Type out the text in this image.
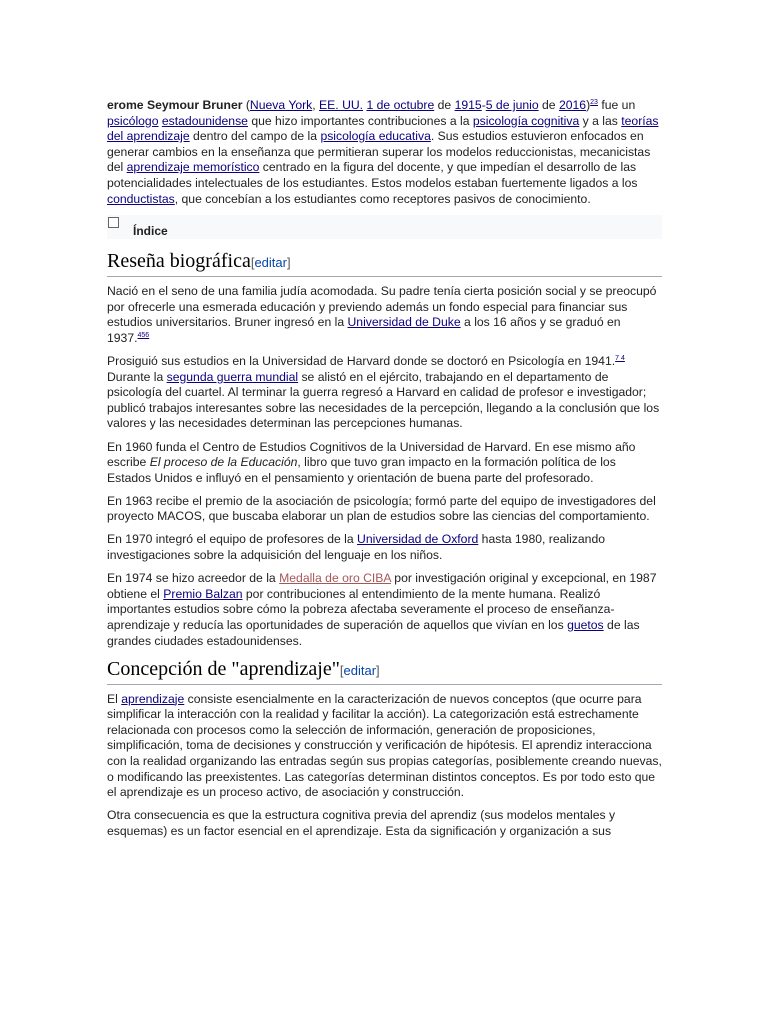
erome Seymour Bruner (Nueva York, EE. UU. 1 de octubre de 1915-5 de junio de 2016)$^{23}$ fue un psicólogo estadounidense que hizo importantes contribuciones a la psicología cognitiva y a las teorías del aprendizaje dentro del campo de la psicología educativa. Sus estudios estuvieron enfocados en generar cambios en la enseñanza que permitieran superar los modelos reduccionistas, mecanicistas del aprendizaje memorístico centrado en la figura del docente, y que impedían el desarrollo de las potencialidades intelectuales de los estudiantes. Estos modelos estaban fuertemente ligados a los conductistas, que concebían a los estudiantes como receptores pasivos de conocimiento.

Índice
Reseña biográfica[editar]

Nació en el seno de una familia judía acomodada. Su padre tenía cierta posición social y se preocupó por ofrecerle una esmerada educación y previendo además un fondo especial para financiar sus estudios universitarios. Bruner ingresó en la Universidad de Duke a los 16 años y se graduó en 1937.$^{456}$

Prosiguió sus estudios en la Universidad de Harvard donde se doctoró en Psicología en 1941.$^{7 4}$ Durante la segunda guerra mundial se alistó en el ejército, trabajando en el departamento de psicología del cuartel. Al terminar la guerra regresó a Harvard en calidad de profesor e investigador; publicó trabajos interesantes sobre las necesidades de la percepción, llegando a la conclusión que los valores y las necesidades determinan las percepciones humanas.

En 1960 funda el Centro de Estudios Cognitivos de la Universidad de Harvard. En ese mismo año escribe El proceso de la Educación, libro que tuvo gran impacto en la formación política de los Estados Unidos e influyó en el pensamiento y orientación de buena parte del profesorado.

En 1963 recibe el premio de la asociación de psicología; formó parte del equipo de investigadores del proyecto MACOS, que buscaba elaborar un plan de estudios sobre las ciencias del comportamiento.

En 1970 integró el equipo de profesores de la Universidad de Oxford hasta 1980, realizando investigaciones sobre la adquisición del lenguaje en los niños.

En 1974 se hizo acreedor de la Medalla de oro CIBA por investigación original y excepcional, en 1987 obtiene el Premio Balzan por contribuciones al entendimiento de la mente humana. Realizó importantes estudios sobre cómo la pobreza afectaba severamente el proceso de enseñanza-aprendizaje y reducía las oportunidades de superación de aquellos que vivían en los guetos de las grandes ciudades estadounidenses.

Concepción de "aprendizaje"[editar]

El aprendizaje consiste esencialmente en la caracterización de nuevos conceptos (que ocurre para simplificar la interacción con la realidad y facilitar la acción). La categorización está estrechamente relacionada con procesos como la selección de información, generación de proposiciones, simplificación, toma de decisiones y construcción y verificación de hipótesis. El aprendiz interacciona con la realidad organizando las entradas según sus propias categorías, posiblemente creando nuevas, o modificando las preexistentes. Las categorías determinan distintos conceptos. Es por todo esto que el aprendizaje es un proceso activo, de asociación y construcción.

Otra consecuencia es que la estructura cognitiva previa del aprendiz (sus modelos mentales y esquemas) es un factor esencial en el aprendizaje. Esta da significación y organización a sus
